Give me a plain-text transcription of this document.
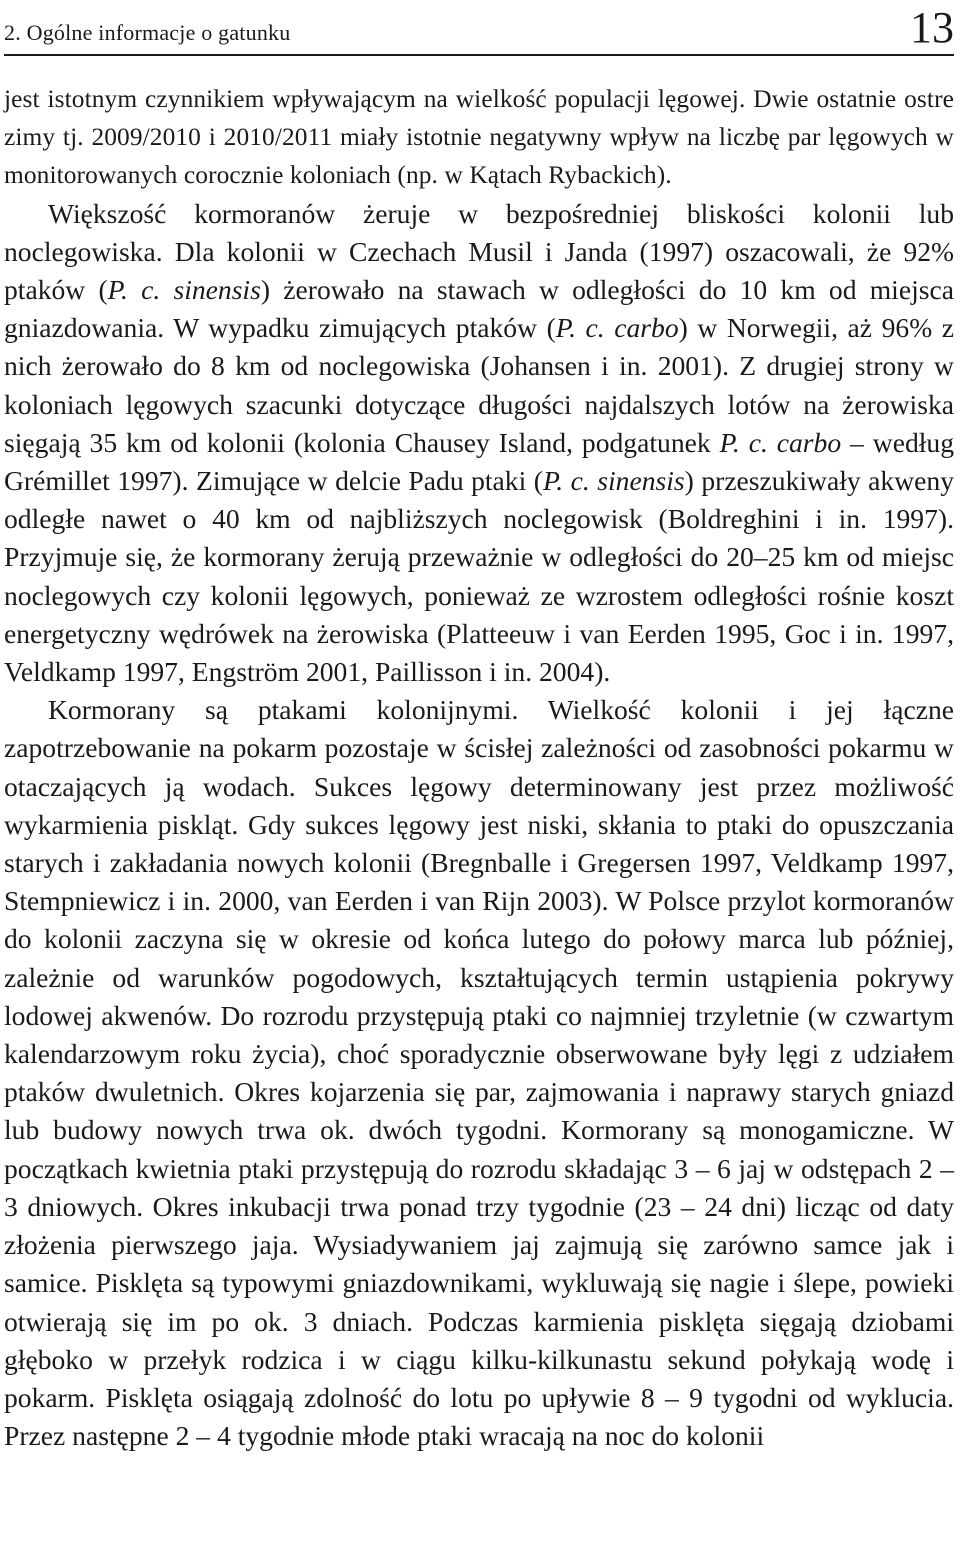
2. Ogólne informacje o gatunku	13

jest istotnym czynnikiem wpływającym na wielkość populacji lęgowej. Dwie ostatnie ostre zimy tj. 2009/2010 i 2010/2011 miały istotnie negatywny wpływ na liczbę par lęgowych w monitorowanych corocznie koloniach (np. w Kątach Rybackich).

Większość kormoranów żeruje w bezpośredniej bliskości kolonii lub noclegowiska. Dla kolonii w Czechach Musil i Janda (1997) oszacowali, że 92% ptaków (P. c. sinensis) żerowało na stawach w odległości do 10 km od miejsca gniazdowania. W wypadku zimujących ptaków (P. c. carbo) w Norwegii, aż 96% z nich żerowało do 8 km od noclegowiska (Johansen i in. 2001). Z drugiej strony w koloniach lęgowych szacunki dotyczące długości najdalszych lotów na żerowiska sięgają 35 km od kolonii (kolonia Chausey Island, podgatunek P. c. carbo – według Grémillet 1997). Zimujące w delcie Padu ptaki (P. c. sinensis) przeszukiwały akweny odległe nawet o 40 km od najbliższych noclegowisk (Boldreghini i in. 1997). Przyjmuje się, że kormorany żerują przeważnie w odległości do 20–25 km od miejsc noclegowych czy kolonii lęgowych, ponieważ ze wzrostem odległości rośnie koszt energetyczny wędrówek na żerowiska (Platteeuw i van Eerden 1995, Goc i in. 1997, Veldkamp 1997, Engström 2001, Paillisson i in. 2004).

Kormorany są ptakami kolonijnymi. Wielkość kolonii i jej łączne zapotrzebowanie na pokarm pozostaje w ścisłej zależności od zasobności pokarmu w otaczających ją wodach. Sukces lęgowy determinowany jest przez możliwość wykarmienia piskląt. Gdy sukces lęgowy jest niski, skłania to ptaki do opuszczania starych i zakładania nowych kolonii (Bregnballe i Gregersen 1997, Veldkamp 1997, Stempniewicz i in. 2000, van Eerden i van Rijn 2003). W Polsce przylot kormoranów do kolonii zaczyna się w okresie od końca lutego do połowy marca lub później, zależnie od warunków pogodowych, kształtujących termin ustąpienia pokrywy lodowej akwenów. Do rozrodu przystępują ptaki co najmniej trzyletnie (w czwartym kalendarzowym roku życia), choć sporadycznie obserwowane były lęgi z udziałem ptaków dwuletnich. Okres kojarzenia się par, zajmowania i naprawy starych gniazd lub budowy nowych trwa ok. dwóch tygodni. Kormorany są monogamiczne. W początkach kwietnia ptaki przystępują do rozrodu składając 3 – 6 jaj w odstępach 2 – 3 dniowych. Okres inkubacji trwa ponad trzy tygodnie (23 – 24 dni) licząc od daty złożenia pierwszego jaja. Wysiadywaniem jaj zajmują się zarówno samce jak i samice. Pisklęta są typowymi gniazdownikami, wykluwają się nagie i ślepe, powieki otwierają się im po ok. 3 dniach. Podczas karmienia pisklęta sięgają dziobami głęboko w przełyk rodzica i w ciągu kilku-kilkunastu sekund połykają wodę i pokarm. Pisklęta osiągają zdolność do lotu po upływie 8 – 9 tygodni od wyklucia. Przez następne 2 – 4 tygodnie młode ptaki wracają na noc do kolonii
